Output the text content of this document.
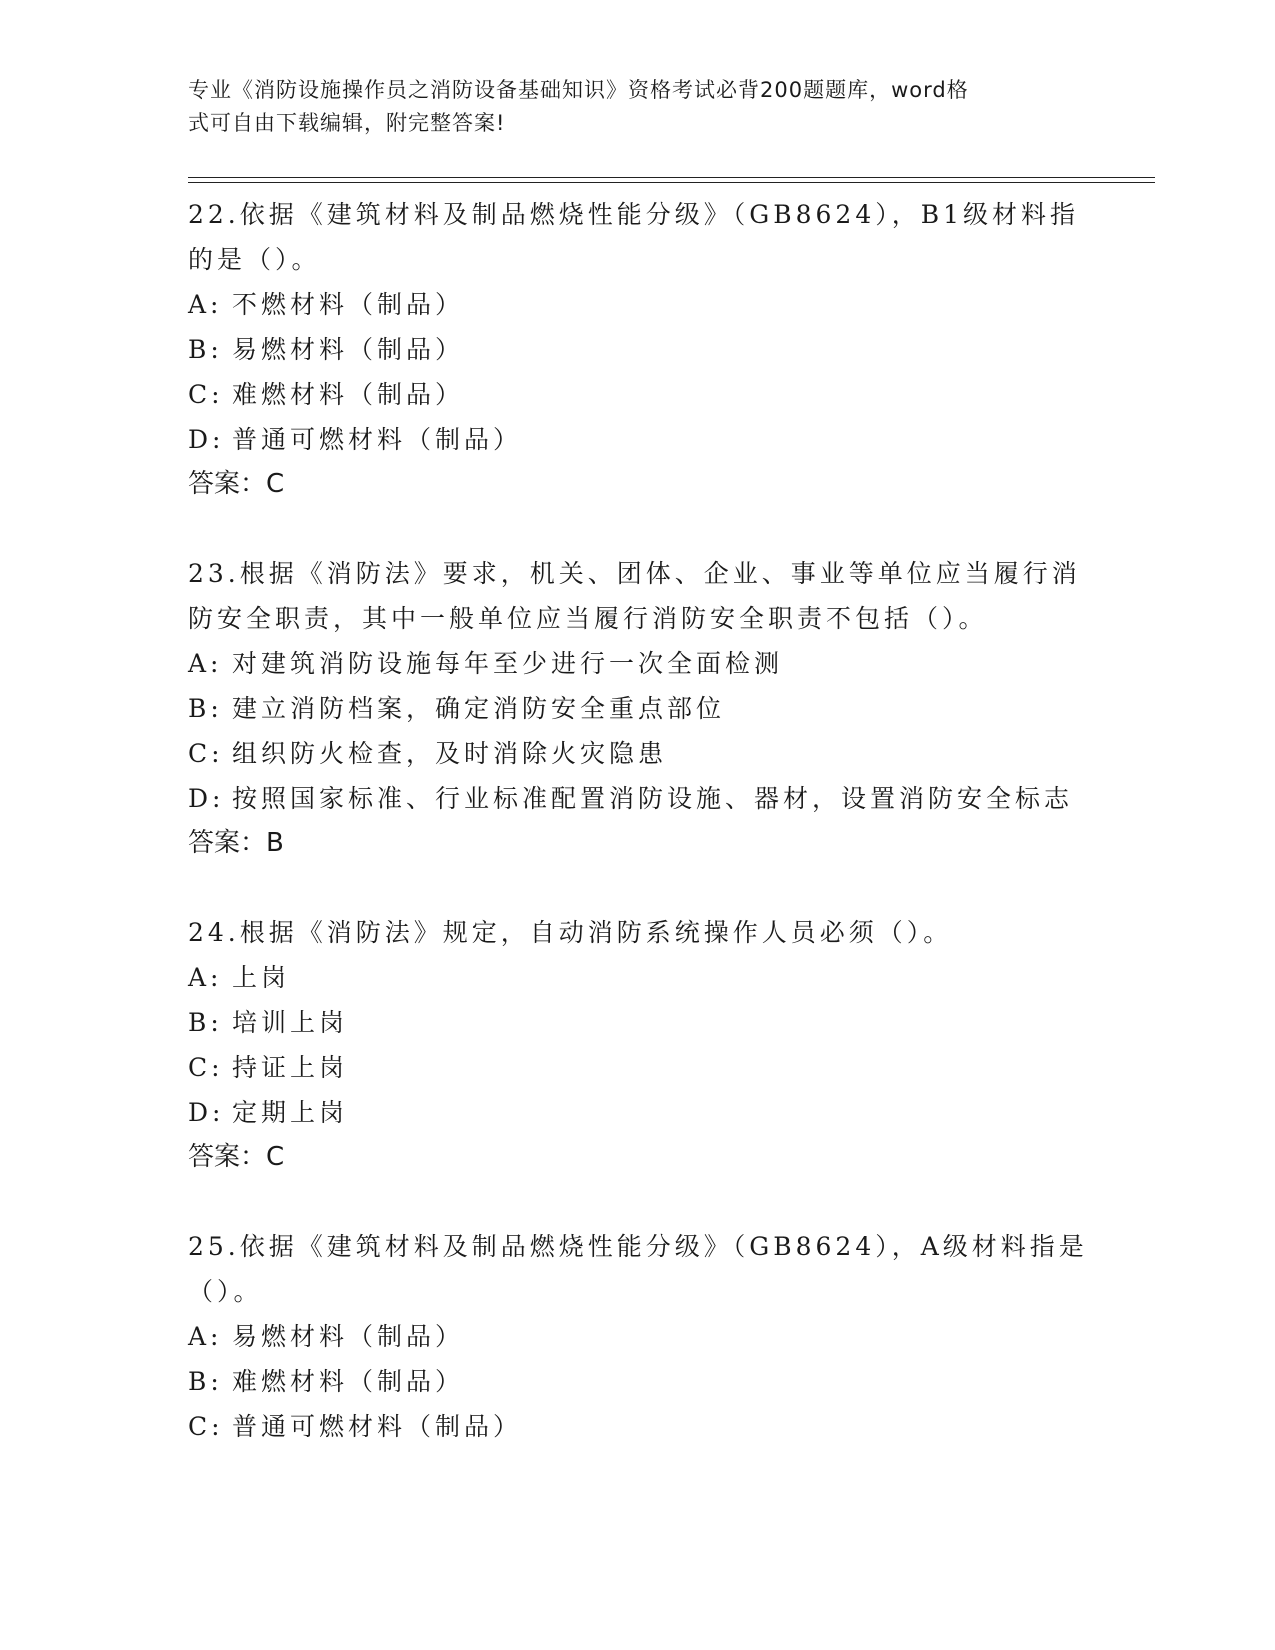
专业《消防设施操作员之消防设备基础知识》资格考试必背200题题库，word格
式可自由下载编辑，附完整答案!
22.依据《建筑材料及制品燃烧性能分级》（GB8624），B1级材料指的是（）。
A: 不燃材料（制品）
B: 易燃材料（制品）
C: 难燃材料（制品）
D: 普通可燃材料（制品）
答案：C
23.根据《消防法》要求，机关、团体、企业、事业等单位应当履行消防安全职责，其中一般单位应当履行消防安全职责不包括（）。
A: 对建筑消防设施每年至少进行一次全面检测
B: 建立消防档案，确定消防安全重点部位
C: 组织防火检查，及时消除火灾隐患
D: 按照国家标准、行业标准配置消防设施、器材，设置消防安全标志
答案：B
24.根据《消防法》规定，自动消防系统操作人员必须（）。
A: 上岗
B: 培训上岗
C: 持证上岗
D: 定期上岗
答案：C
25.依据《建筑材料及制品燃烧性能分级》（GB8624），A级材料指是（）。
A: 易燃材料（制品）
B: 难燃材料（制品）
C: 普通可燃材料（制品）
